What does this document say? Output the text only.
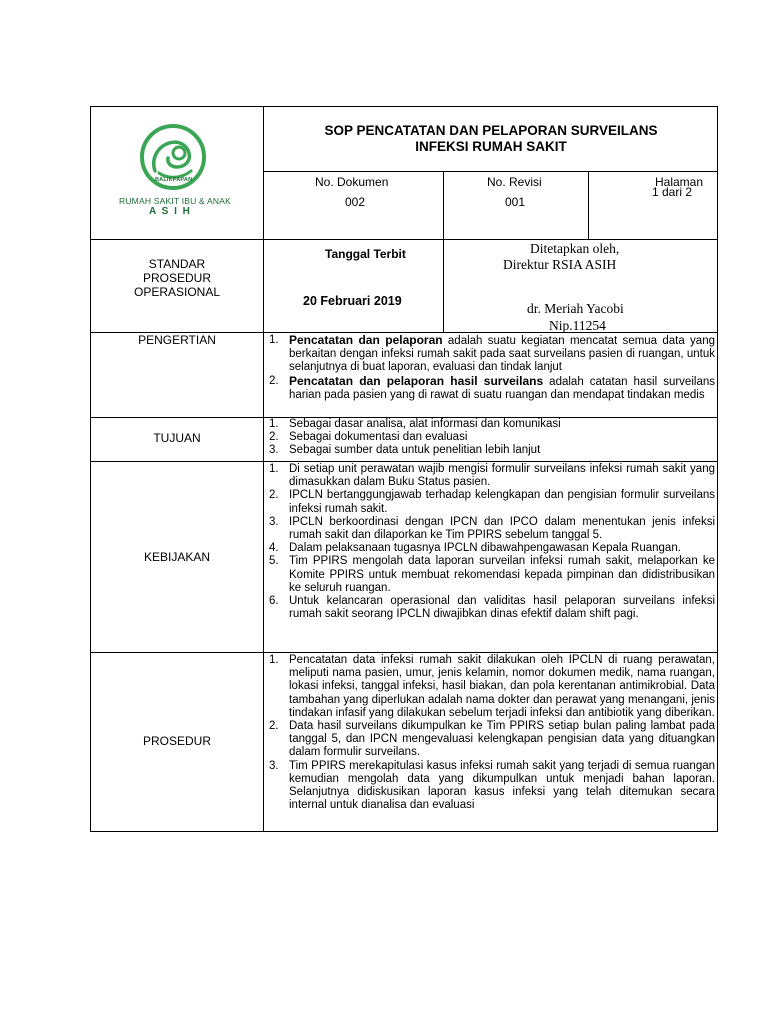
BALIKPAPAN
RUMAH SAKIT IBU & ANAK
A S I H
SOP PENCATATAN DAN PELAPORAN SURVEILANS
INFEKSI RUMAH SAKIT
No. Dokumen
002
No. Revisi
001
Halaman
1 dari 2
STANDAR
PROSEDUR
OPERASIONAL
Tanggal Terbit
20 Februari 2019
Ditetapkan oleh,
Direktur RSIA ASIH
dr. Meriah Yacobi
Nip.11254
PENGERTIAN	1. Pencatatan dan pelaporan adalah suatu kegiatan mencatat semua data yang berkaitan dengan infeksi rumah sakit pada saat surveilans pasien di ruangan, untuk selanjutnya di buat laporan, evaluasi dan tindak lanjut
2. Pencatatan dan pelaporan hasil surveilans adalah catatan hasil surveilans harian pada pasien yang di rawat di suatu ruangan dan mendapat tindakan medis
TUJUAN
1. Sebagai dasar analisa, alat informasi dan komunikasi
2. Sebagai dokumentasi dan evaluasi
3. Sebagai sumber data untuk penelitian lebih lanjut
KEBIJAKAN
1. Di setiap unit perawatan wajib mengisi formulir surveilans infeksi rumah sakit yang dimasukkan dalam Buku Status pasien.
2. IPCLN bertanggungjawab terhadap kelengkapan dan pengisian formulir surveilans infeksi rumah sakit.
3. IPCLN berkoordinasi dengan IPCN dan IPCO dalam menentukan jenis infeksi rumah sakit dan dilaporkan ke Tim PPIRS sebelum tanggal 5.
4. Dalam pelaksanaan tugasnya IPCLN dibawahpengawasan Kepala Ruangan.
5. Tim PPIRS mengolah data laporan surveilan infeksi rumah sakit, melaporkan ke Komite PPIRS untuk membuat rekomendasi kepada pimpinan dan didistribusikan ke seluruh ruangan.
6. Untuk kelancaran operasional dan validitas hasil pelaporan surveilans infeksi rumah sakit seorang IPCLN diwajibkan dinas efektif dalam shift pagi.
PROSEDUR
1. Pencatatan data infeksi rumah sakit dilakukan oleh IPCLN di ruang perawatan, meliputi nama pasien, umur, jenis kelamin, nomor dokumen medik, nama ruangan, lokasi infeksi, tanggal infeksi, hasil biakan, dan pola kerentanan antimikrobial. Data tambahan yang diperlukan adalah nama dokter dan perawat yang menangani, jenis tindakan infasif yang dilakukan sebelum terjadi infeksi dan antibiotik yang diberikan.
2. Data hasil surveilans dikumpulkan ke Tim PPIRS setiap bulan paling lambat pada tanggal 5, dan IPCN mengevaluasi kelengkapan pengisian data yang dituangkan dalam formulir surveilans.
3. Tim PPIRS merekapitulasi kasus infeksi rumah sakit yang terjadi di semua ruangan kemudian mengolah data yang dikumpulkan untuk menjadi bahan laporan. Selanjutnya didiskusikan laporan kasus infeksi yang telah ditemukan secara internal untuk dianalisa dan evaluasi
